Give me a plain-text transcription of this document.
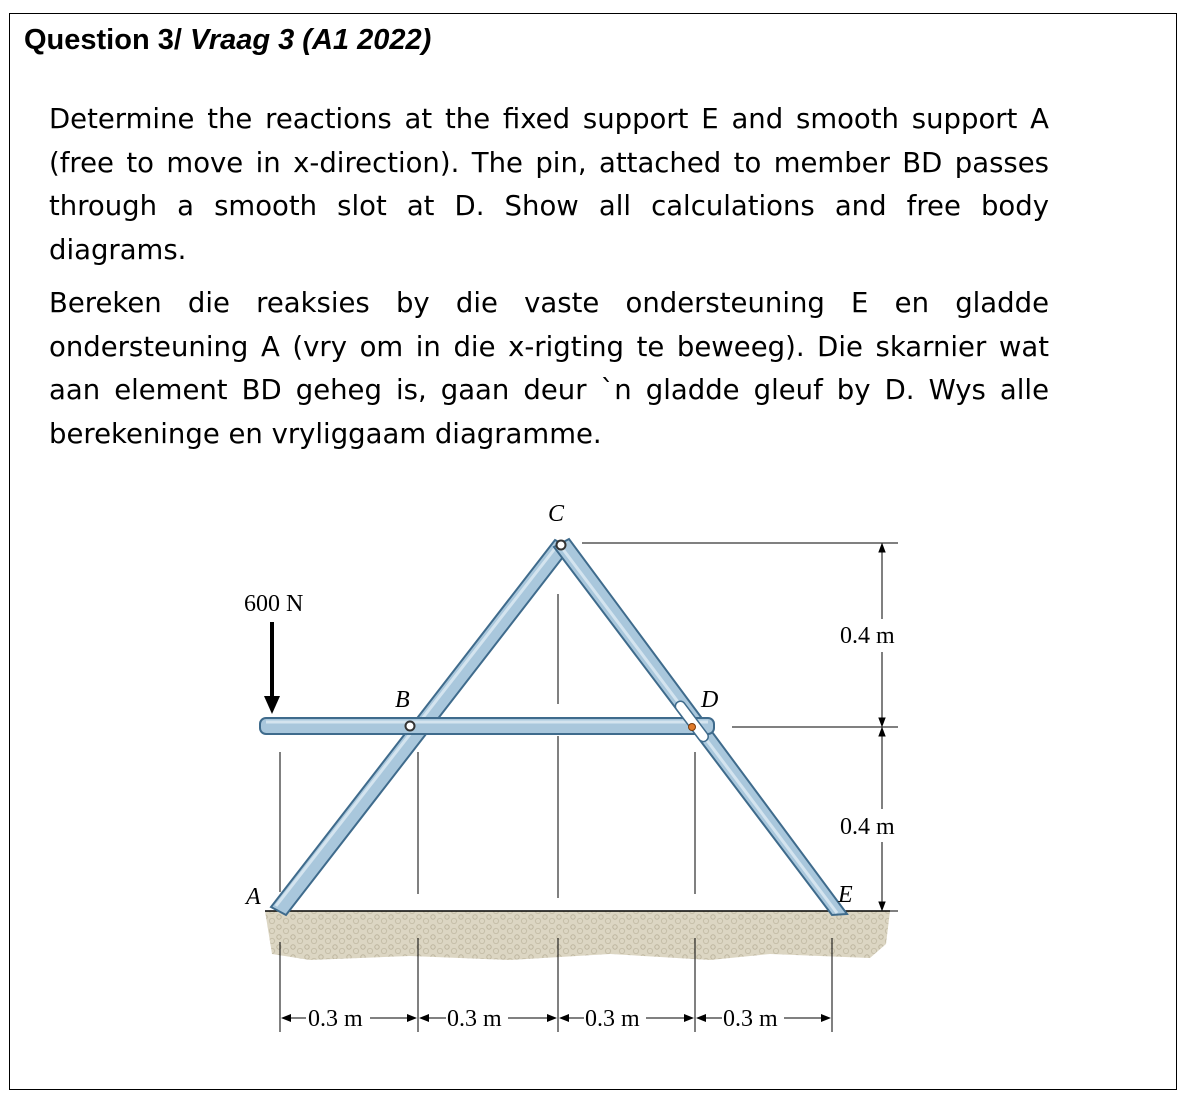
Question 3/ Vraag 3 (A1 2022)

Determine the reactions at the fixed support E and smooth support A (free to move in x-direction). The pin, attached to member BD passes through a smooth slot at D. Show all calculations and free body diagrams.

Bereken die reaksies by die vaste ondersteuning E en gladde ondersteuning A (vry om in die x-rigting te beweeg). Die skarnier wat aan element BD geheg is, gaan deur `n gladde gleuf by D. Wys alle berekeninge en vryliggaam diagramme.

600 N
C
B	D
A	E
0.4 m
0.4 m
0.3 m	0.3 m	0.3 m	0.3 m
